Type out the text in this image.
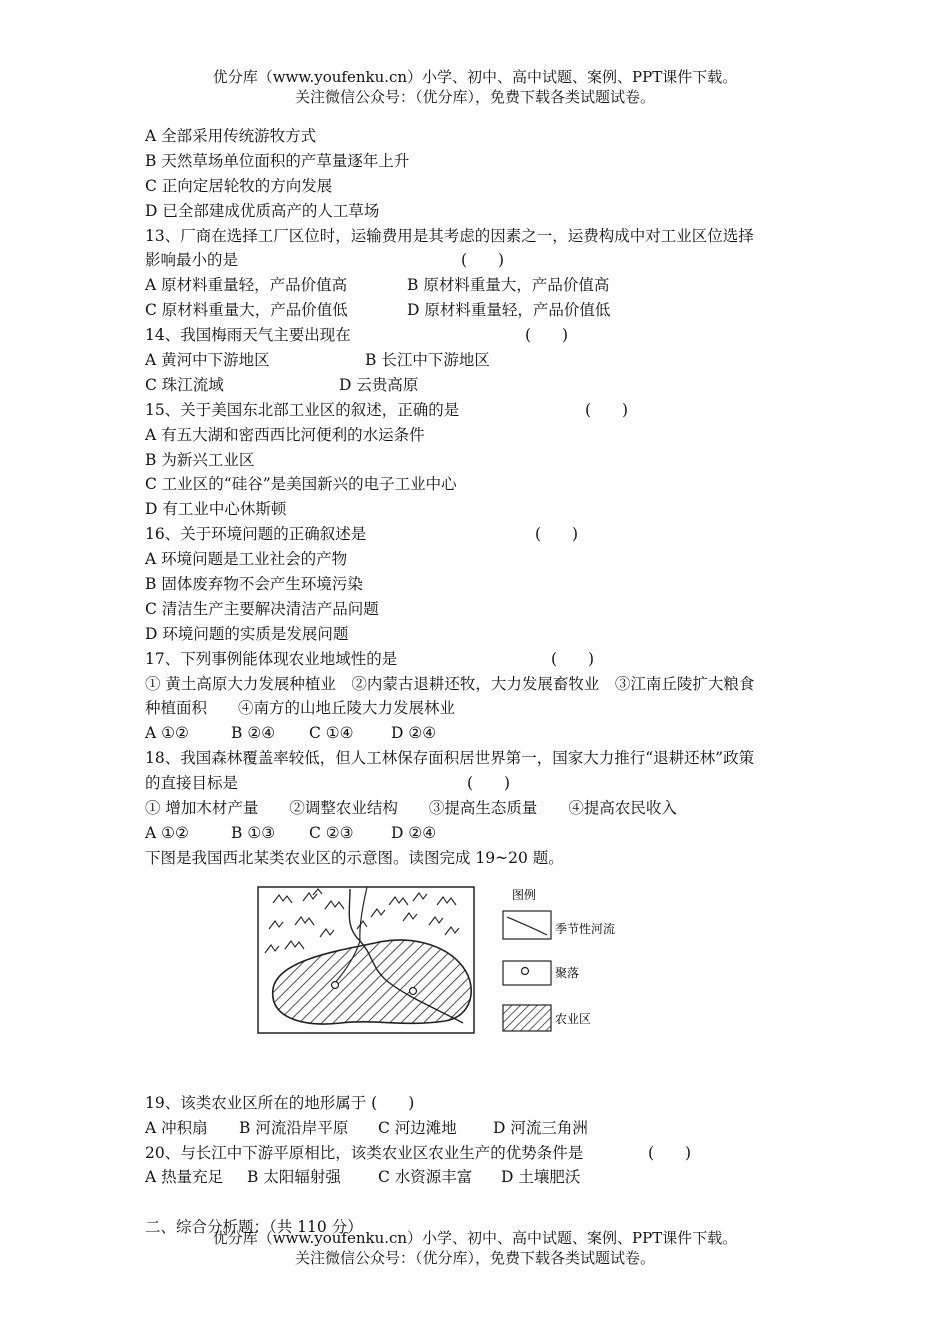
优分库（www.youfenku.cn）小学、初中、高中试题、案例、PPT课件下载。
关注微信公众号：（优分库），免费下载各类试题试卷。
A 全部采用传统游牧方式
B 天然草场单位面积的产草量逐年上升
C 正向定居轮牧的方向发展
D 已全部建成优质高产的人工草场
13、厂商在选择工厂区位时，运输费用是其考虑的因素之一，运费构成中对工业区位选择
影响最小的是	(　　)
A 原材料重量轻，产品价值高	B 原材料重量大，产品价值高
C 原材料重量大，产品价值低	D 原材料重量轻，产品价值低
14、我国梅雨天气主要出现在	(　　)
A 黄河中下游地区	B 长江中下游地区
C 珠江流域	D 云贵高原
15、关于美国东北部工业区的叙述，正确的是	(　　)
A 有五大湖和密西西比河便利的水运条件
B 为新兴工业区
C 工业区的“硅谷”是美国新兴的电子工业中心
D 有工业中心休斯顿
16、关于环境问题的正确叙述是	(　　)
A 环境问题是工业社会的产物
B 固体废弃物不会产生环境污染
C 清洁生产主要解决清洁产品问题
D 环境问题的实质是发展问题
17、下列事例能体现农业地域性的是	(　　)
① 黄土高原大力发展种植业　②内蒙古退耕还牧，大力发展畜牧业　③江南丘陵扩大粮食
种植面积　　④南方的山地丘陵大力发展林业
A ①②	B ②④ C ①④ D ②④
18、我国森林覆盖率较低，但人工林保存面积居世界第一，国家大力推行“退耕还林”政策
的直接目标是	(　　)
① 增加木材产量　　②调整农业结构　　③提高生态质量　　④提高农民收入
A ①②	B ①③ C ②③ D ②④
下图是我国西北某类农业区的示意图。读图完成 19~20 题。
图例
季节性河流
聚落
农业区
19、该类农业区所在的地形属于 (　　)
A 冲积扇 B 河流沿岸平原 C 河边滩地 D 河流三角洲
20、与长江中下游平原相比，该类农业区农业生产的优势条件是	(　　)
A 热量充足 B 太阳辐射强 C 水资源丰富 D 土壤肥沃
二、综合分析题：（共 110 分）
优分库（www.youfenku.cn）小学、初中、高中试题、案例、PPT课件下载。
关注微信公众号：（优分库），免费下载各类试题试卷。
